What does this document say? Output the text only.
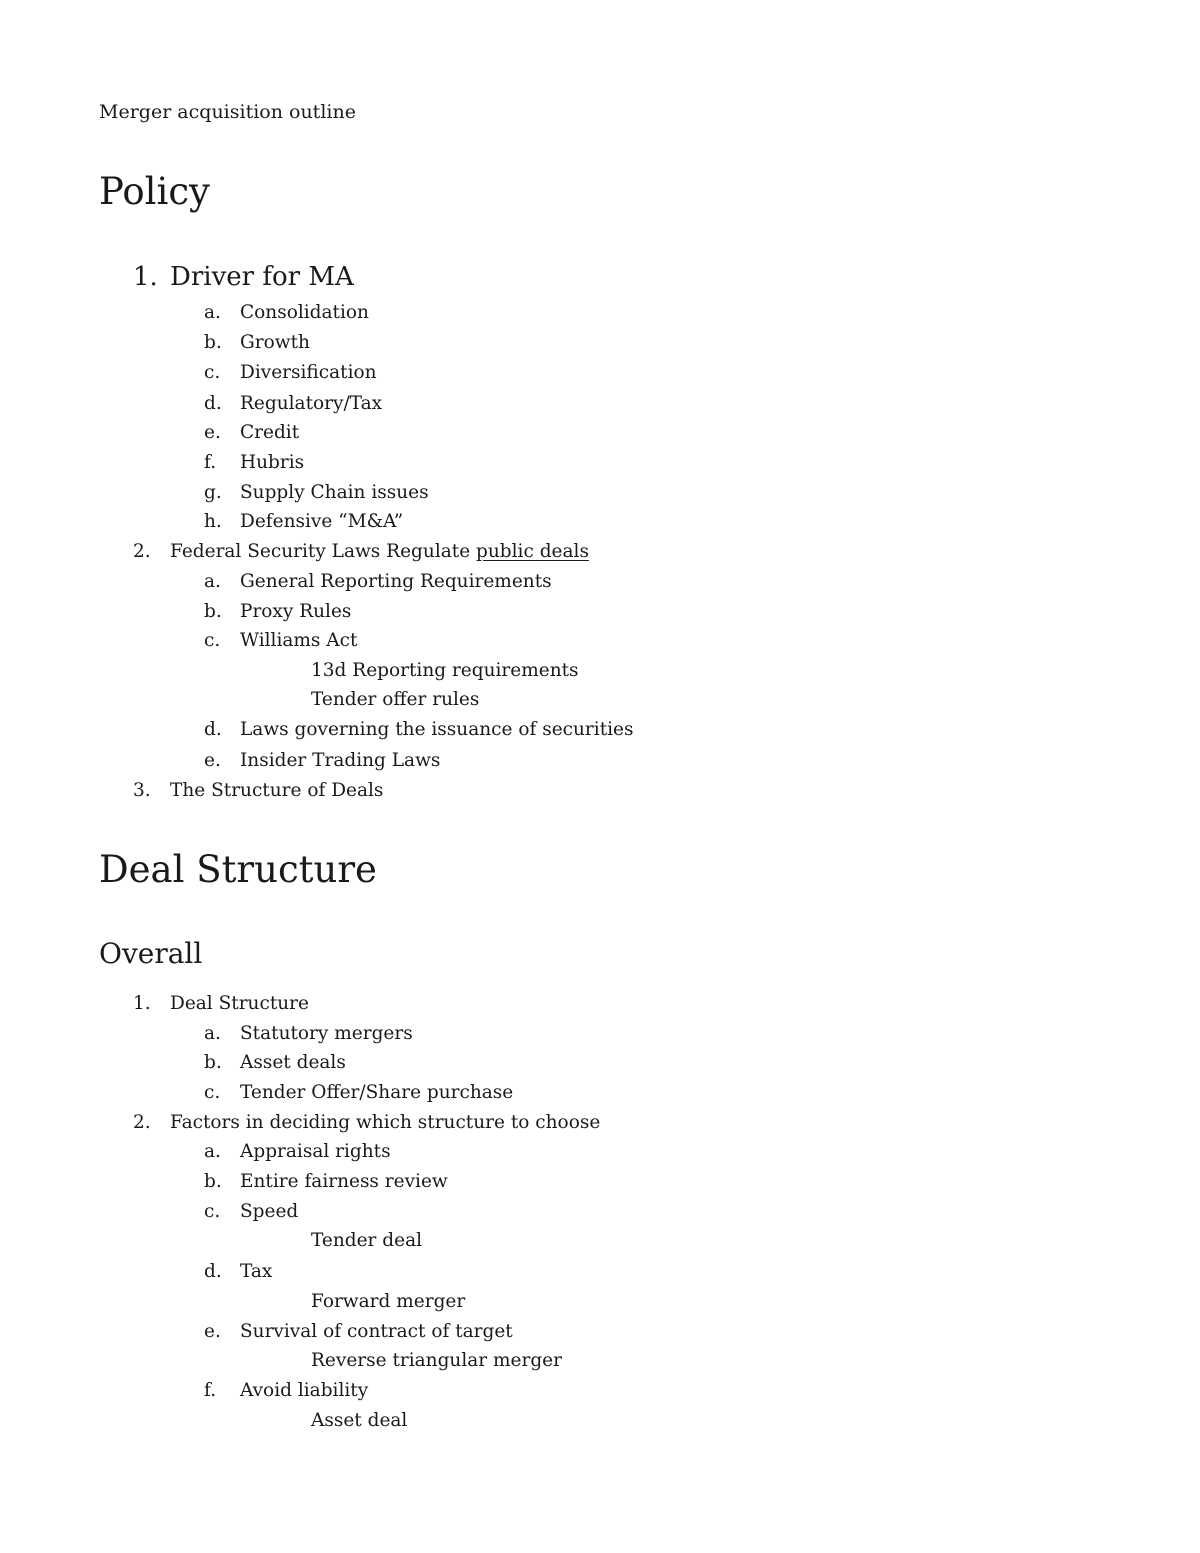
Merger acquisition outline
Policy
1. Driver for MA
a. Consolidation
b. Growth
c. Diversification
d. Regulatory/Tax
e. Credit
f. Hubris
g. Supply Chain issues
h. Defensive “M&A”
2. Federal Security Laws Regulate public deals
a. General Reporting Requirements
b. Proxy Rules
c. Williams Act
13d Reporting requirements
Tender offer rules
d. Laws governing the issuance of securities
e. Insider Trading Laws
3. The Structure of Deals
Deal Structure
Overall
1. Deal Structure
a. Statutory mergers
b. Asset deals
c. Tender Offer/Share purchase
2. Factors in deciding which structure to choose
a. Appraisal rights
b. Entire fairness review
c. Speed
Tender deal
d. Tax
Forward merger
e. Survival of contract of target
Reverse triangular merger
f. Avoid liability
Asset deal
